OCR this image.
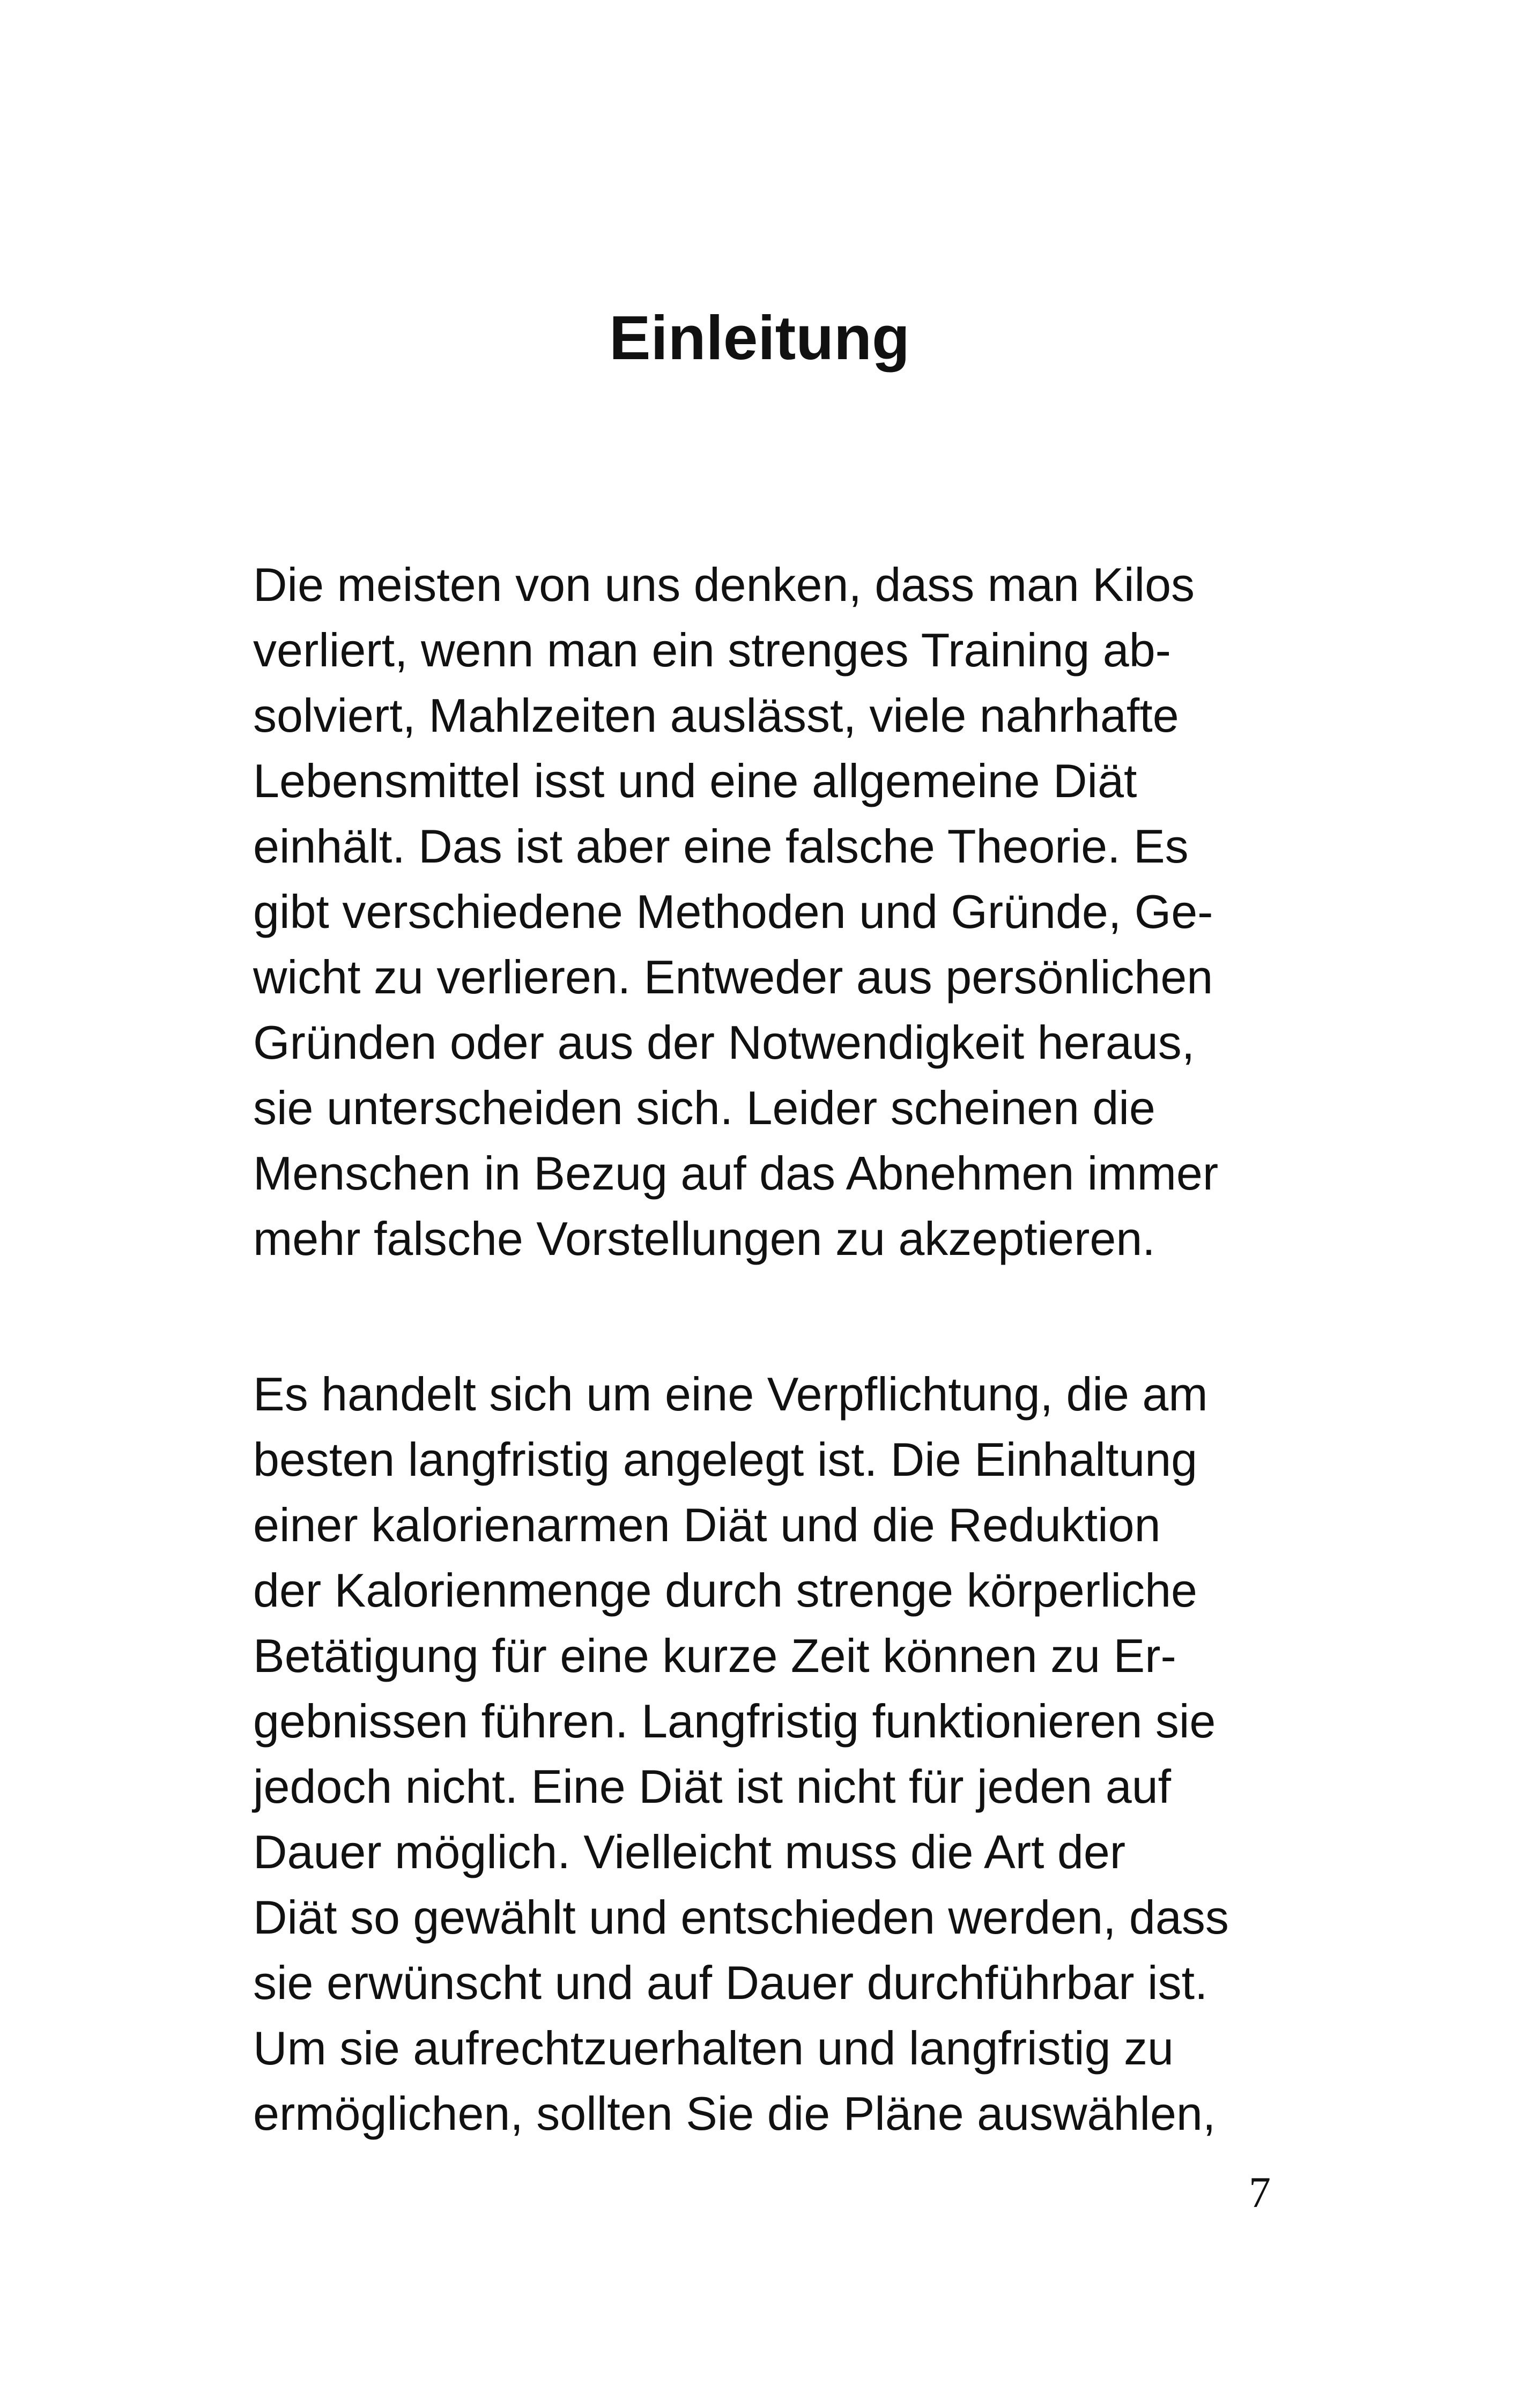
Einleitung
Die meisten von uns denken, dass man Kilos
verliert, wenn man ein strenges Training ab-
solviert, Mahlzeiten auslässt, viele nahrhafte
Lebensmittel isst und eine allgemeine Diät
einhält. Das ist aber eine falsche Theorie. Es
gibt verschiedene Methoden und Gründe, Ge-
wicht zu verlieren. Entweder aus persönlichen
Gründen oder aus der Notwendigkeit heraus,
sie unterscheiden sich. Leider scheinen die
Menschen in Bezug auf das Abnehmen immer
mehr falsche Vorstellungen zu akzeptieren.
Es handelt sich um eine Verpflichtung, die am
besten langfristig angelegt ist. Die Einhaltung
einer kalorienarmen Diät und die Reduktion
der Kalorienmenge durch strenge körperliche
Betätigung für eine kurze Zeit können zu Er-
gebnissen führen. Langfristig funktionieren sie
jedoch nicht. Eine Diät ist nicht für jeden auf
Dauer möglich. Vielleicht muss die Art der
Diät so gewählt und entschieden werden, dass
sie erwünscht und auf Dauer durchführbar ist.
Um sie aufrechtzuerhalten und langfristig zu
ermöglichen, sollten Sie die Pläne auswählen,
7
